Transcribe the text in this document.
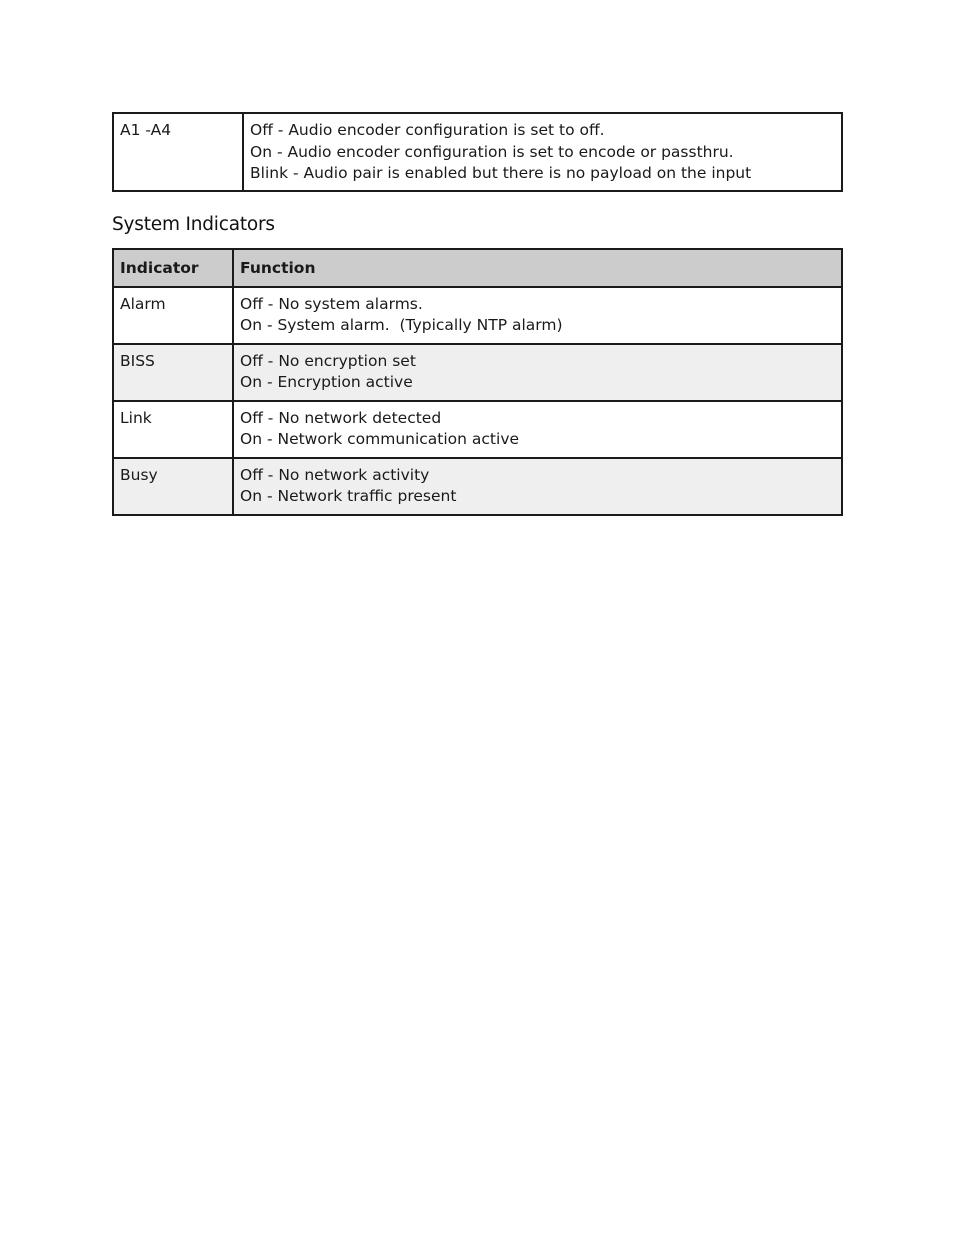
A1 -A4	Off - Audio encoder configuration is set to off.
On - Audio encoder configuration is set to encode or passthru.
Blink - Audio pair is enabled but there is no payload on the input
System Indicators
Indicator	Function
Alarm	Off - No system alarms.
On - System alarm.  (Typically NTP alarm)

BISS	Off - No encryption set
On - Encryption active

Link	Off - No network detected
On - Network communication active

Busy	Off - No network activity
On - Network traffic present
